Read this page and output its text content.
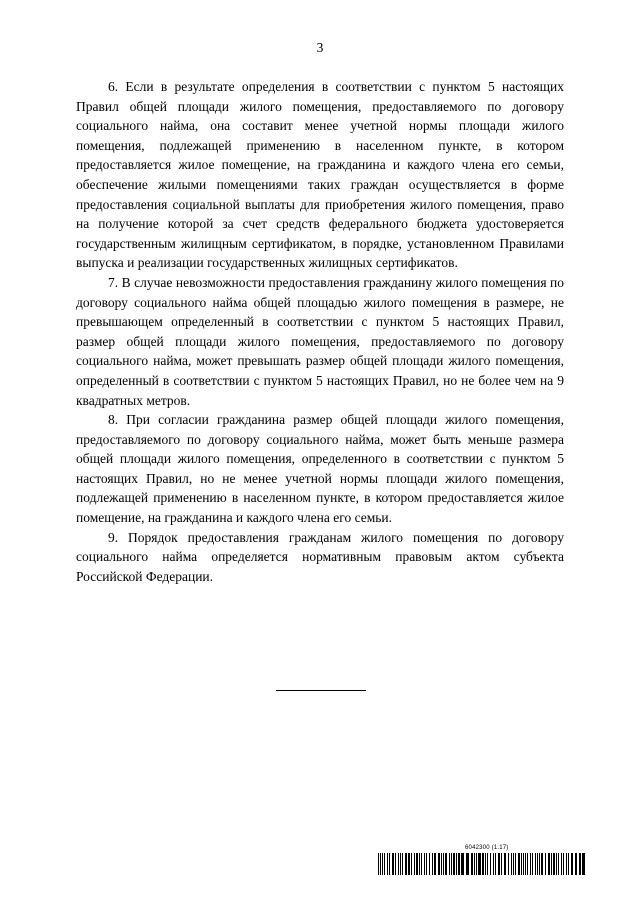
3

6. Если в результате определения в соответствии с пунктом 5 настоящих Правил общей площади жилого помещения, предоставляемого по договору социального найма, она составит менее учетной нормы площади жилого помещения, подлежащей применению в населенном пункте, в котором предоставляется жилое помещение, на гражданина и каждого члена его семьи, обеспечение жилыми помещениями таких граждан осуществляется в форме предоставления социальной выплаты для приобретения жилого помещения, право на получение которой за счет средств федерального бюджета удостоверяется государственным жилищным сертификатом, в порядке, установленном Правилами выпуска и реализации государственных жилищных сертификатов.

7. В случае невозможности предоставления гражданину жилого помещения по договору социального найма общей площадью жилого помещения в размере, не превышающем определенный в соответствии с пунктом 5 настоящих Правил, размер общей площади жилого помещения, предоставляемого по договору социального найма, может превышать размер общей площади жилого помещения, определенный в соответствии с пунктом 5 настоящих Правил, но не более чем на 9 квадратных метров.

8. При согласии гражданина размер общей площади жилого помещения, предоставляемого по договору социального найма, может быть меньше размера общей площади жилого помещения, определенного в соответствии с пунктом 5 настоящих Правил, но не менее учетной нормы площади жилого помещения, подлежащей применению в населенном пункте, в котором предоставляется жилое помещение, на гражданина и каждого члена его семьи.

9. Порядок предоставления гражданам жилого помещения по договору социального найма определяется нормативным правовым актом субъекта Российской Федерации.

6042300 (1.17)
